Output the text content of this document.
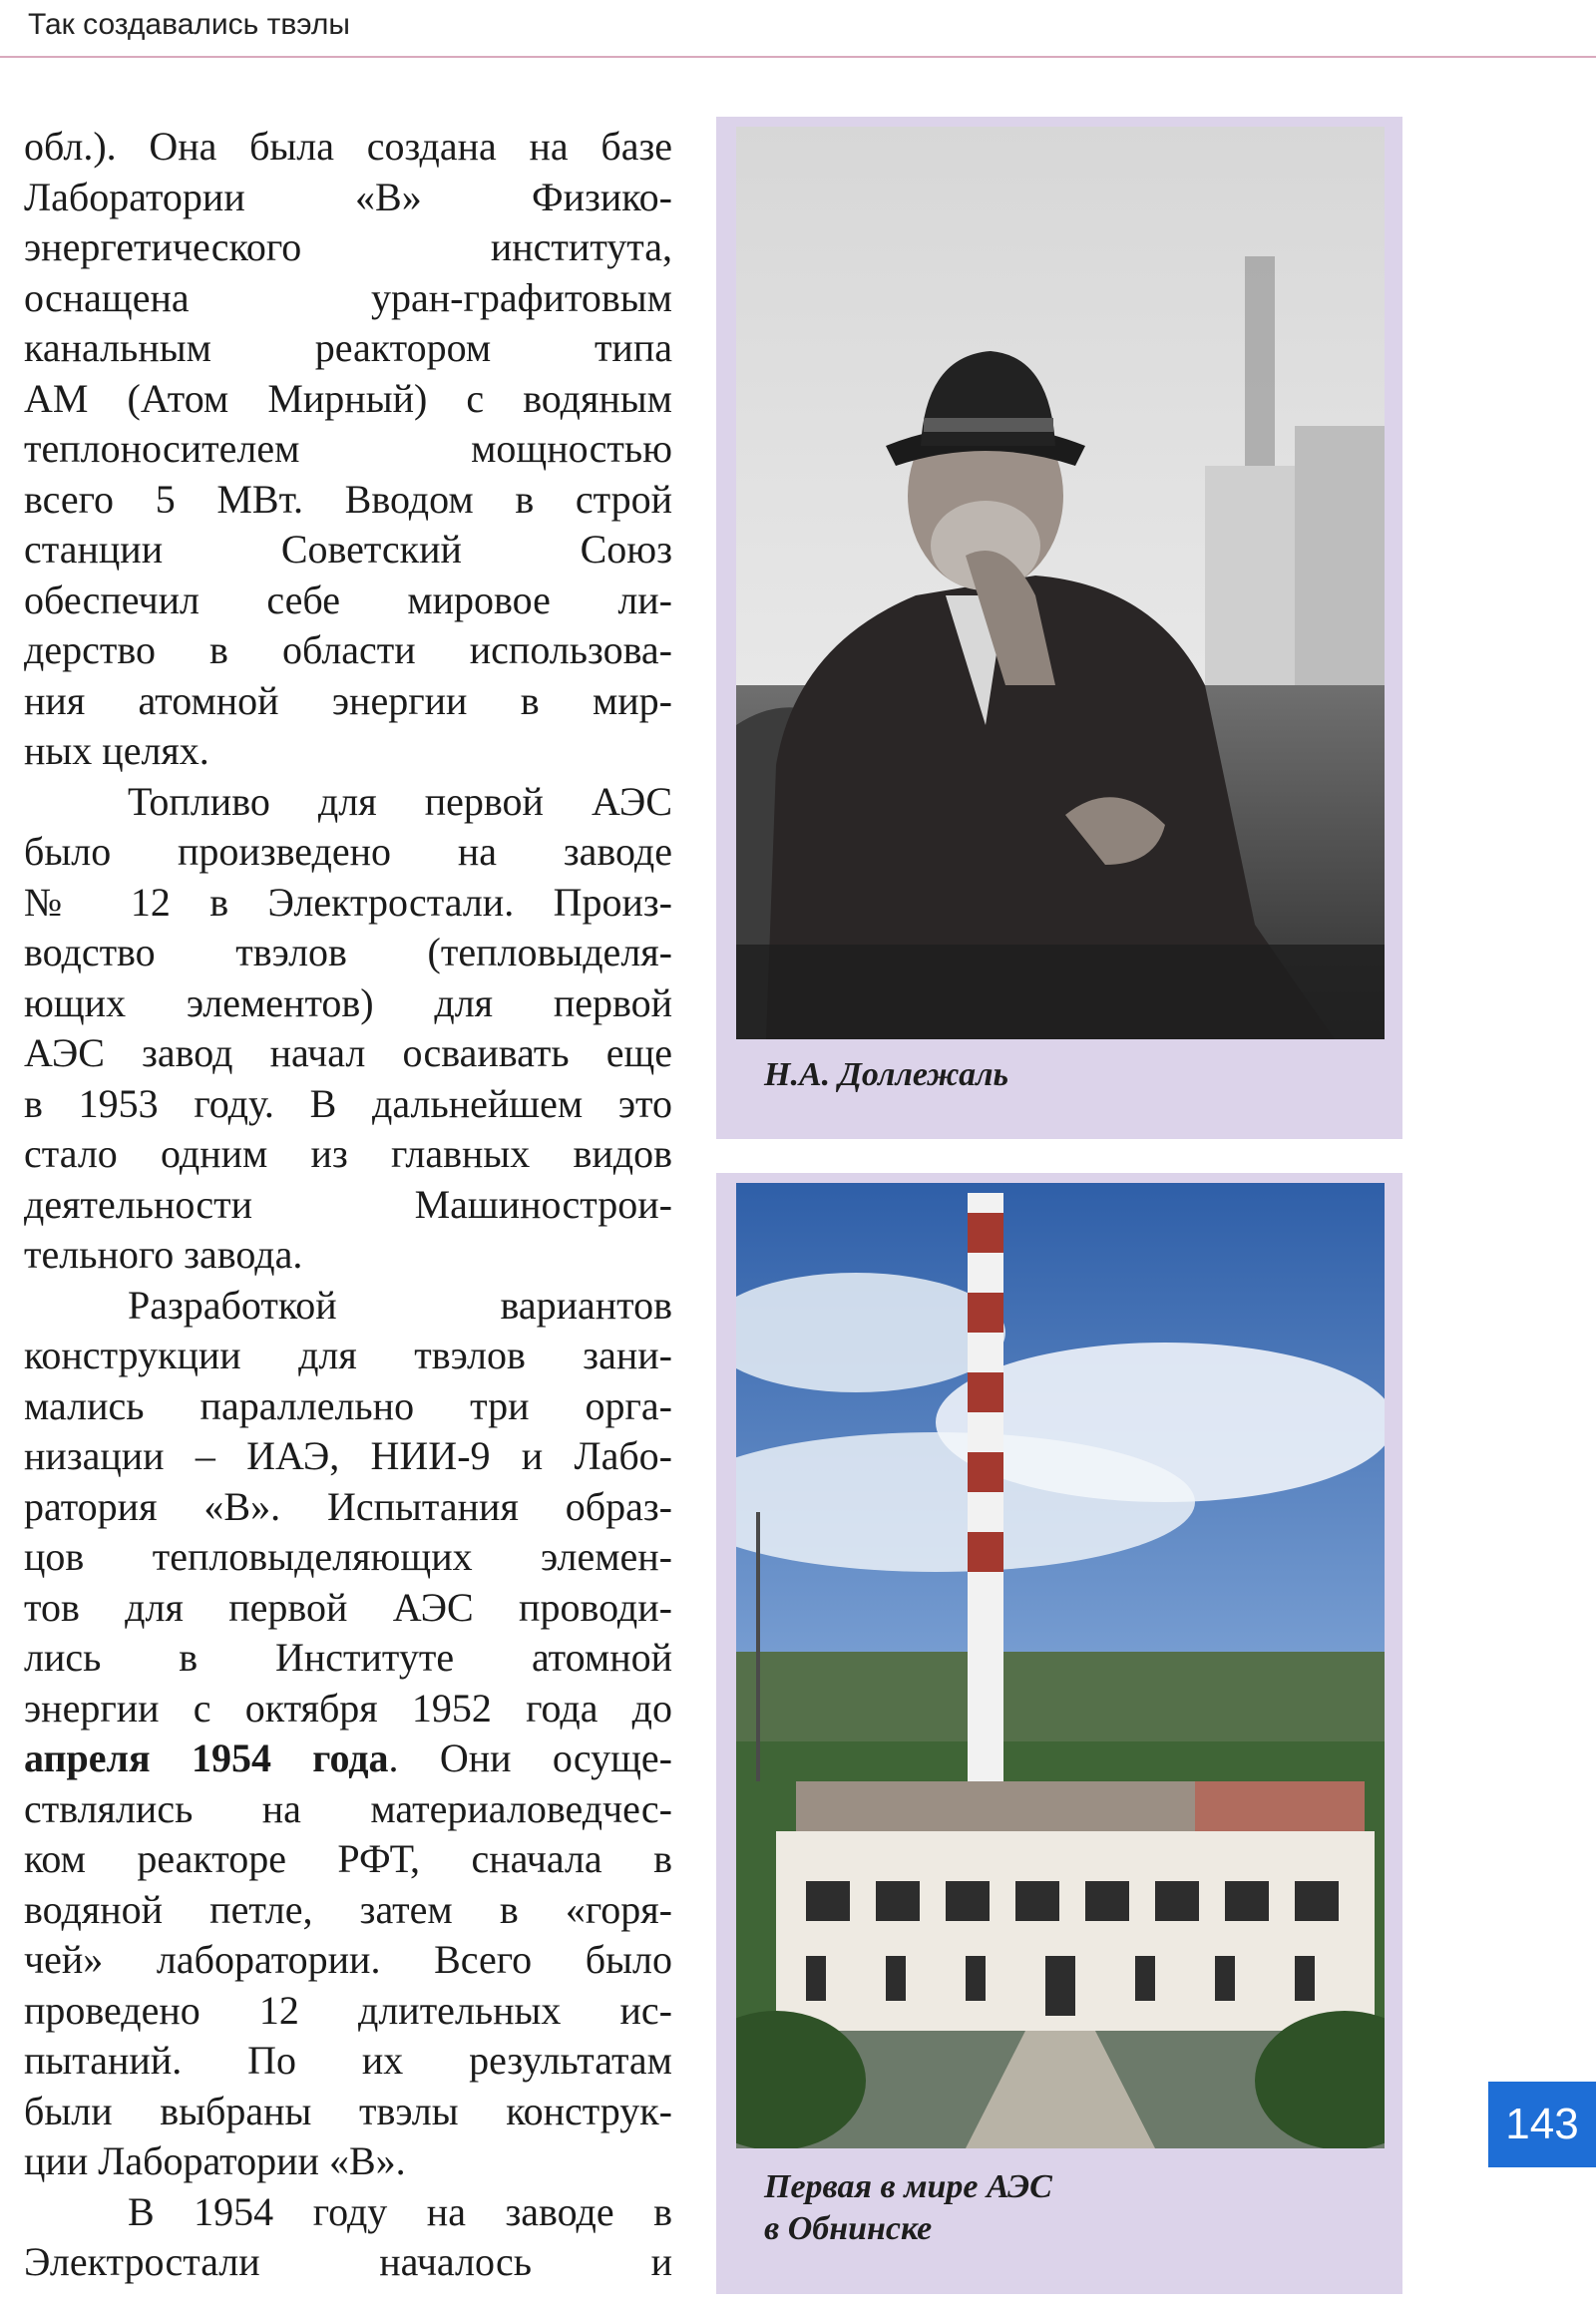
Так создавались твэлы

обл.). Она была создана на базе

Лаборатории «В» Физико-

энергетического института,

оснащена уран-графитовым

канальным реактором типа

АМ (Атом Мирный) с водяным

теплоносителем мощностью

всего 5 МВт. Вводом в строй

станции Советский Союз

обеспечил себе мировое ли-

дерство в области использова-

ния атомной энергии в мир-

ных целях.

Топливо для первой АЭС

было произведено на заводе

№ 12 в Электростали. Произ-

водство твэлов (тепловыделя-

ющих элементов) для первой

АЭС завод начал осваивать еще

в 1953 году. В дальнейшем это

стало одним из главных видов

деятельности Машинострои-

тельного завода.

Разработкой вариантов

конструкции для твэлов зани-

мались параллельно три орга-

низации – ИАЭ, НИИ-9 и Лабо-

ратория «В». Испытания образ-

цов тепловыделяющих элемен-

тов для первой АЭС проводи-

лись в Институте атомной

энергии с октября 1952 года до

апреля 1954 года. Они осуще-

ствлялись на материаловедчес-

ком реакторе РФТ, сначала в

водяной петле, затем в «горя-

чей» лаборатории. Всего было

проведено 12 длительных ис-

пытаний. По их результатам

были выбраны твэлы конструк-

ции Лаборатории «В».

В 1954 году на заводе в

Электростали началось и

Н.А. Доллежаль
Первая в мире АЭС
в Обнинске
143
